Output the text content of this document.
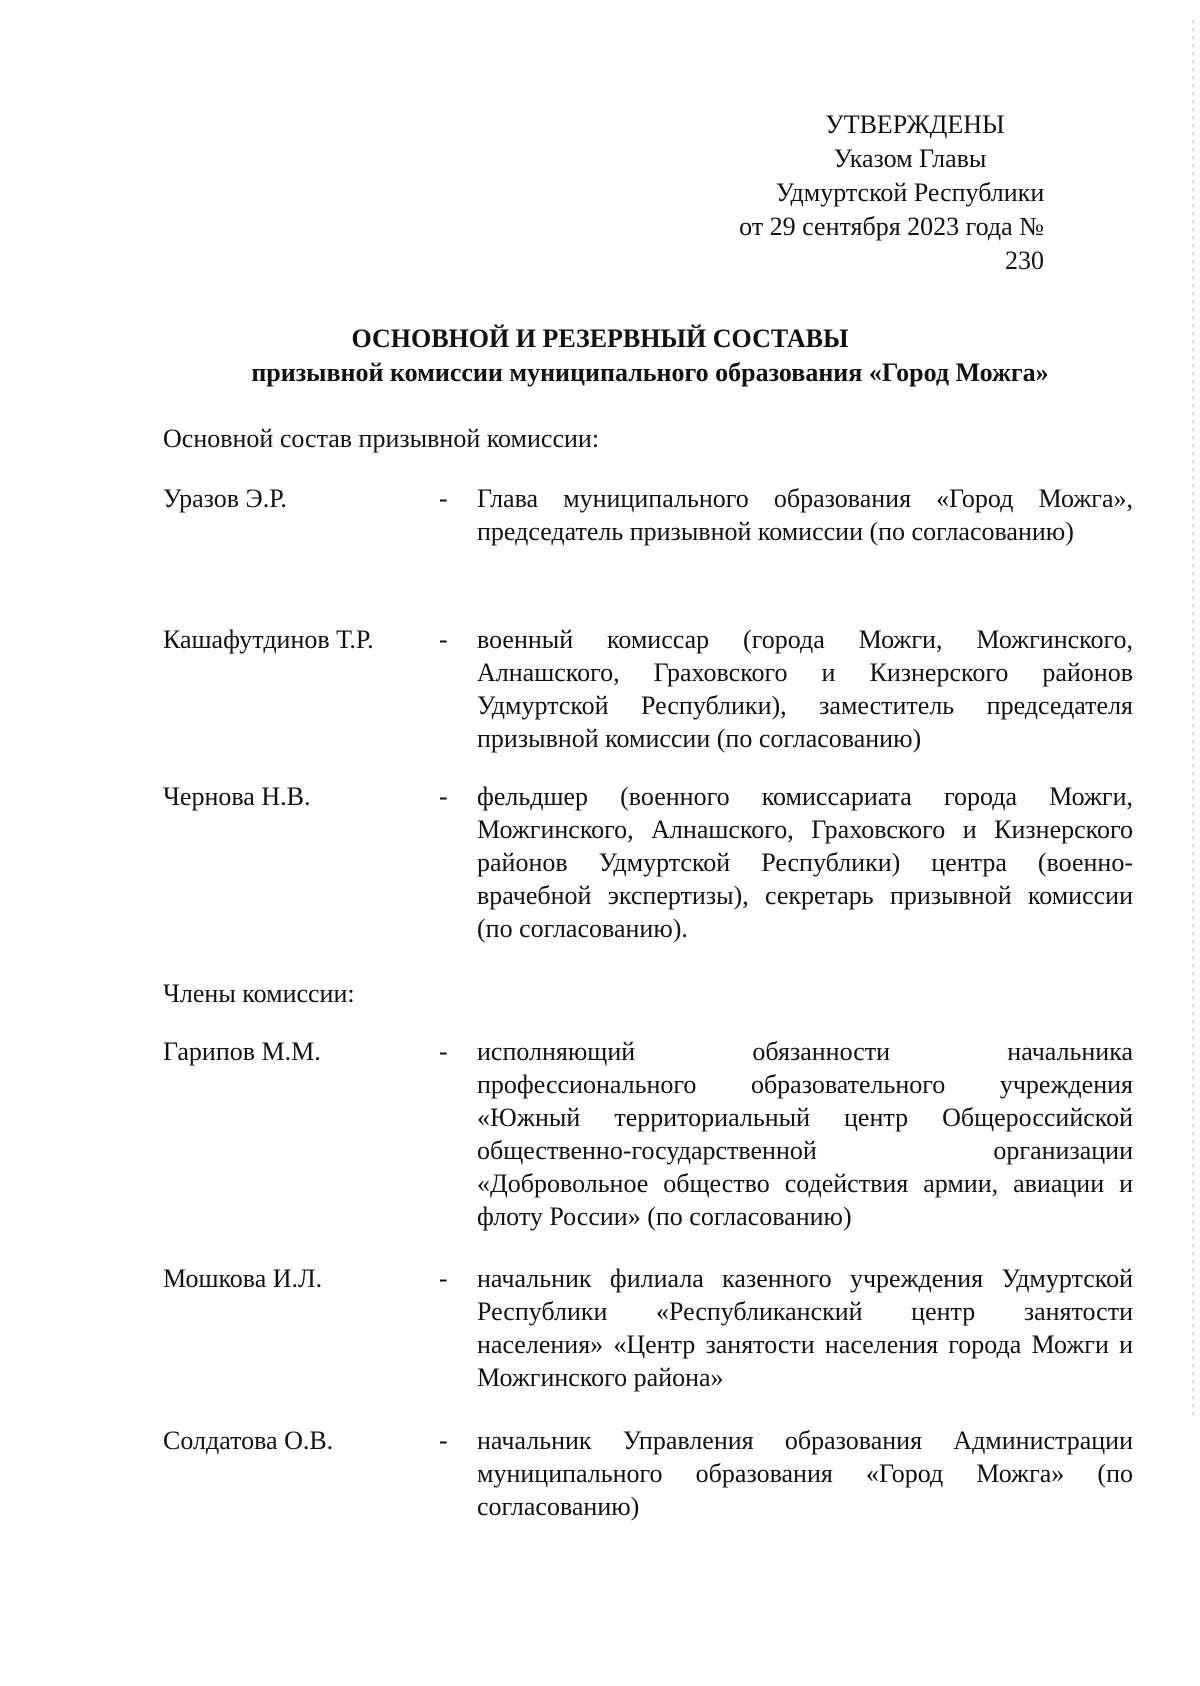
УТВЕРЖДЕНЫ
Указом Главы
Удмуртской Республики
от 29 сентября 2023 года № 230
ОСНОВНОЙ И РЕЗЕРВНЫЙ СОСТАВЫ
призывной комиссии муниципального образования «Город Можга»
Основной состав призывной комиссии:
Уразов Э.Р.	- Глава муниципального образования «Город Можга», председатель призывной комиссии (по согласованию)
Кашафутдинов Т.Р.	- военный комиссар (города Можги, Можгинского, Алнашского, Граховского и Кизнерского районов Удмуртской Республики), заместитель председателя призывной комиссии (по согласованию)
Чернова Н.В.	- фельдшер (военного комиссариата города Можги, Можгинского, Алнашского, Граховского и Кизнерского районов Удмуртской Республики) центра (военно-врачебной экспертизы), секретарь призывной комиссии (по согласованию).
Члены комиссии:
Гарипов М.М.	- исполняющий обязанности начальника профессионального образовательного учреждения «Южный территориальный центр Общероссийской общественно-государственной организации «Добровольное общество содействия армии, авиации и флоту России» (по согласованию)
Мошкова И.Л.	- начальник филиала казенного учреждения Удмуртской Республики «Республиканский центр занятости населения» «Центр занятости населения города Можги и Можгинского района»
Солдатова О.В.	- начальник Управления образования Администрации муниципального образования «Город Можга» (по согласованию)
